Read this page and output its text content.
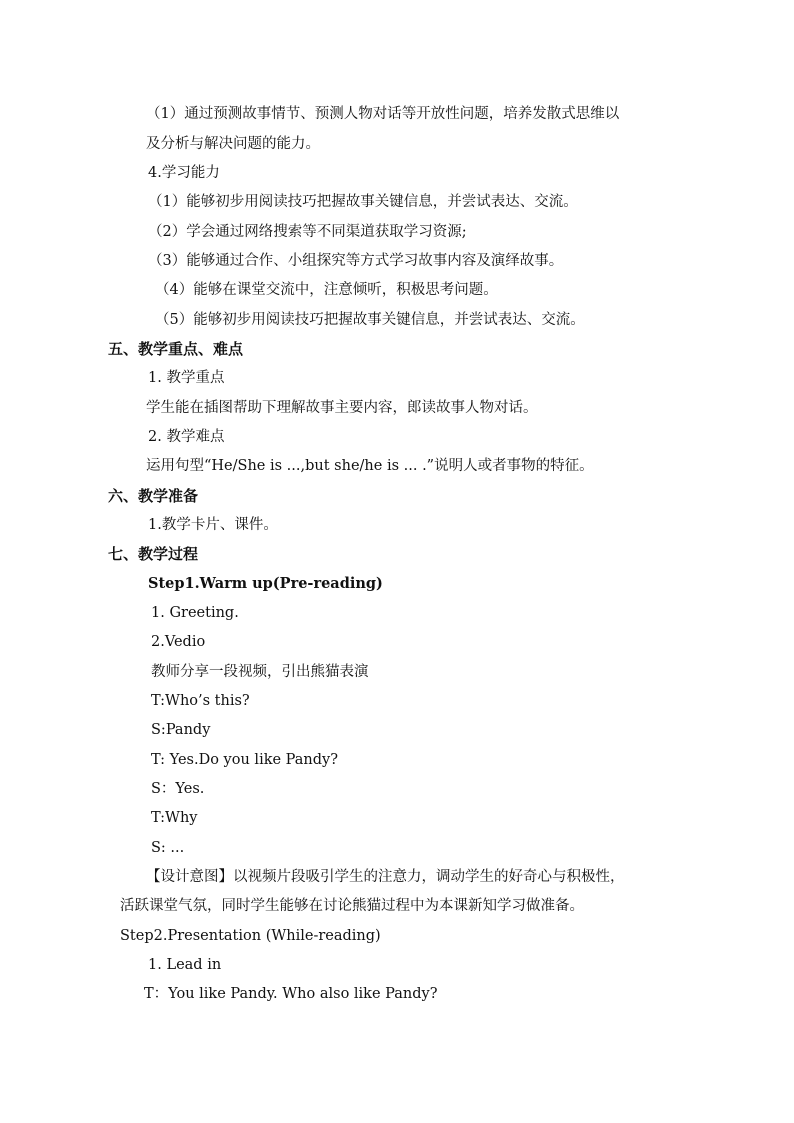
（1）通过预测故事情节、预测人物对话等开放性问题，培养发散式思维以
及分析与解决问题的能力。
4.学习能力
（1）能够初步用阅读技巧把握故事关键信息，并尝试表达、交流。
（2）学会通过网络搜索等不同渠道获取学习资源;
（3）能够通过合作、小组探究等方式学习故事内容及演绎故事。
（4）能够在课堂交流中，注意倾听，积极思考问题。
（5）能够初步用阅读技巧把握故事关键信息，并尝试表达、交流。
五、教学重点、难点
1. 教学重点
学生能在插图帮助下理解故事主要内容，郎读故事人物对话。
2. 教学难点
运用句型“He/She is ...,but she/he is ... .”说明人或者事物的特征。
六、教学准备
1.教学卡片、课件。
七、教学过程
Step1.Warm up(Pre-reading)
1. Greeting.
2.Vedio
教师分享一段视频，引出熊猫表演
T:Who’s this?
S:Pandy
T: Yes.Do you like Pandy?
S：Yes.
T:Why
S: ...
【设计意图】以视频片段吸引学生的注意力，调动学生的好奇心与积极性，
活跃课堂气氛，同时学生能够在讨论熊猫过程中为本课新知学习做准备。
Step2.Presentation (While-reading)
1. Lead in
T：You like Pandy. Who also like Pandy?
